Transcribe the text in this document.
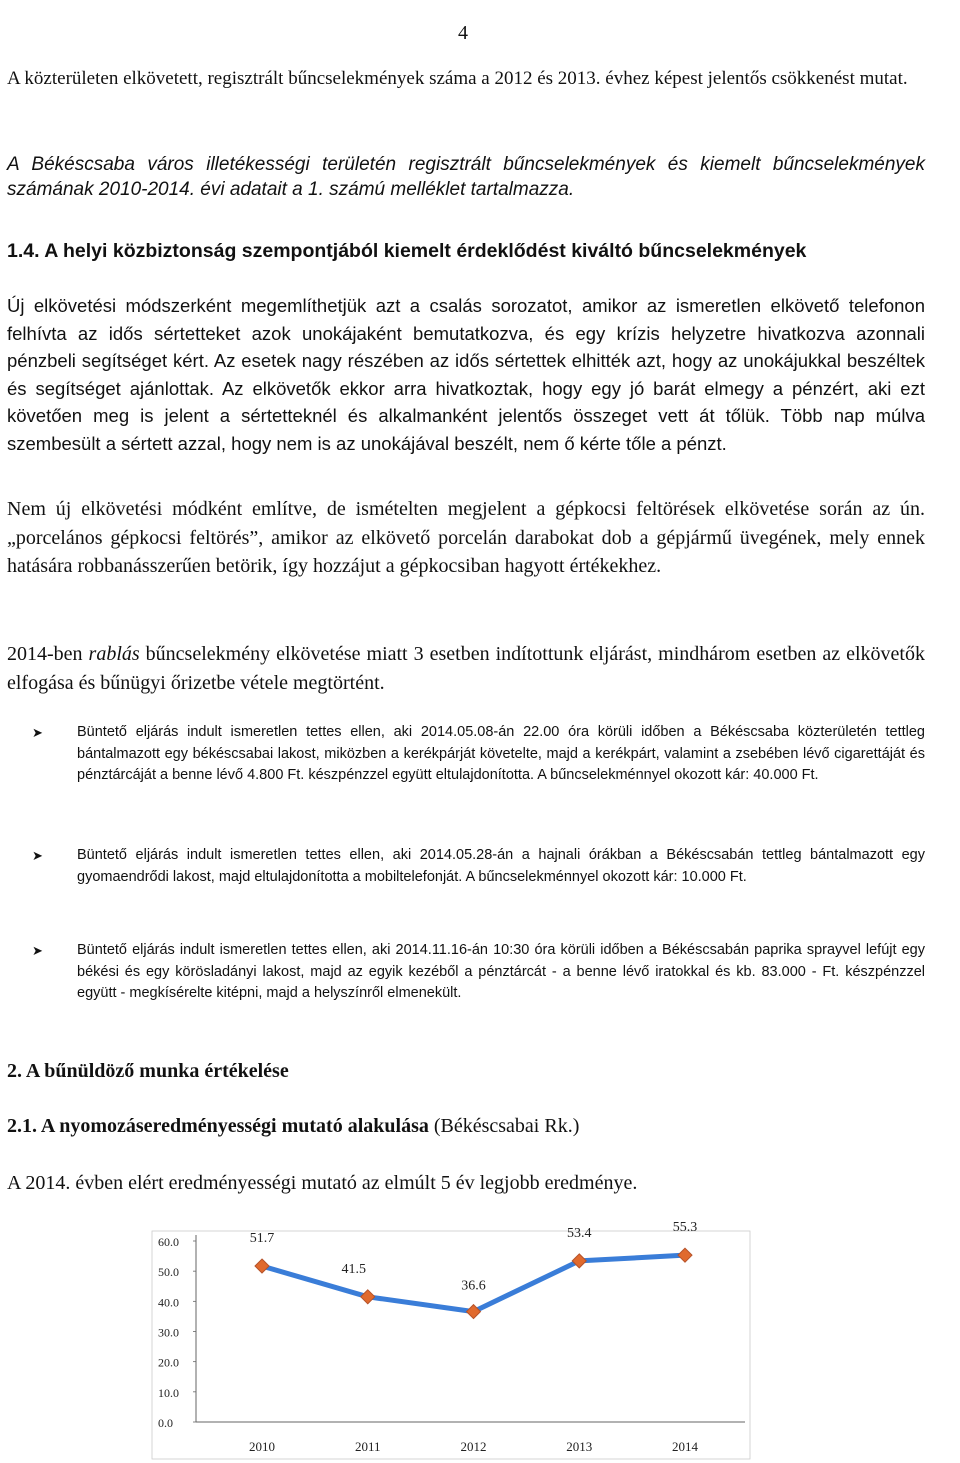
4

A közterületen elkövetett, regisztrált bűncselekmények száma a 2012 és 2013. évhez képest jelentős csökkenést mutat.

A Békéscsaba város illetékességi területén regisztrált bűncselekmények és kiemelt bűncselekmények számának 2010-2014. évi adatait a 1. számú melléklet tartalmazza.

1.4. A helyi közbiztonság szempontjából kiemelt érdeklődést kiváltó bűncselekmények

Új elkövetési módszerként megemlíthetjük azt a csalás sorozatot, amikor az ismeretlen elkövető telefonon felhívta az idős sértetteket azok unokájaként bemutatkozva, és egy krízis helyzetre hivatkozva azonnali pénzbeli segítséget kért. Az esetek nagy részében az idős sértettek elhitték azt, hogy az unokájukkal beszéltek és segítséget ajánlottak. Az elkövetők ekkor arra hivatkoztak, hogy egy jó barát elmegy a pénzért, aki ezt követően meg is jelent a sértetteknél és alkalmanként jelentős összeget vett át tőlük. Több nap múlva szembesült a sértett azzal, hogy nem is az unokájával beszélt, nem ő kérte tőle a pénzt.

Nem új elkövetési módként említve, de ismételten megjelent a gépkocsi feltörések elkövetése során az ún. „porcelános gépkocsi feltörés”, amikor az elkövető porcelán darabokat dob a gépjármű üvegének, mely ennek hatására robbanásszerűen betörik, így hozzájut a gépkocsiban hagyott értékekhez.

2014-ben rablás bűncselekmény elkövetése miatt 3 esetben indítottunk eljárást, mindhárom esetben az elkövetők elfogása és bűnügyi őrizetbe vétele megtörtént.

➤ Büntető eljárás indult ismeretlen tettes ellen, aki 2014.05.08-án 22.00 óra körüli időben a Békéscsaba közterületén tettleg bántalmazott egy békéscsabai lakost, miközben a kerékpárját követelte, majd a kerékpárt, valamint a zsebében lévő cigarettáját és pénztárcáját a benne lévő 4.800 Ft. készpénzzel együtt eltulajdonította. A bűncselekménnyel okozott kár: 40.000 Ft.
➤ Büntető eljárás indult ismeretlen tettes ellen, aki 2014.05.28-án a hajnali órákban a Békéscsabán tettleg bántalmazott egy gyomaendrődi lakost, majd eltulajdonította a mobiltelefonját. A bűncselekménnyel okozott kár: 10.000 Ft.
➤ Büntető eljárás indult ismeretlen tettes ellen, aki 2014.11.16-án 10:30 óra körüli időben a Békéscsabán paprika sprayvel lefújt egy békési és egy körösladányi lakost, majd az egyik kezéből a pénztárcát - a benne lévő iratokkal és kb. 83.000 - Ft. készpénzzel együtt - megkísérelte kitépni, majd a helyszínről elmenekült.

2. A bűnüldöző munka értékelése

2.1. A nyomozáseredményességi mutató alakulása (Békéscsabai Rk.)

A 2014. évben elért eredményességi mutató az elmúlt 5 év legjobb eredménye.

0.0
10.0
20.0
30.0
40.0
50.0
60.0
2010	2011	2012	2013	2014
51.7
41.5
36.6
53.4	55.3
